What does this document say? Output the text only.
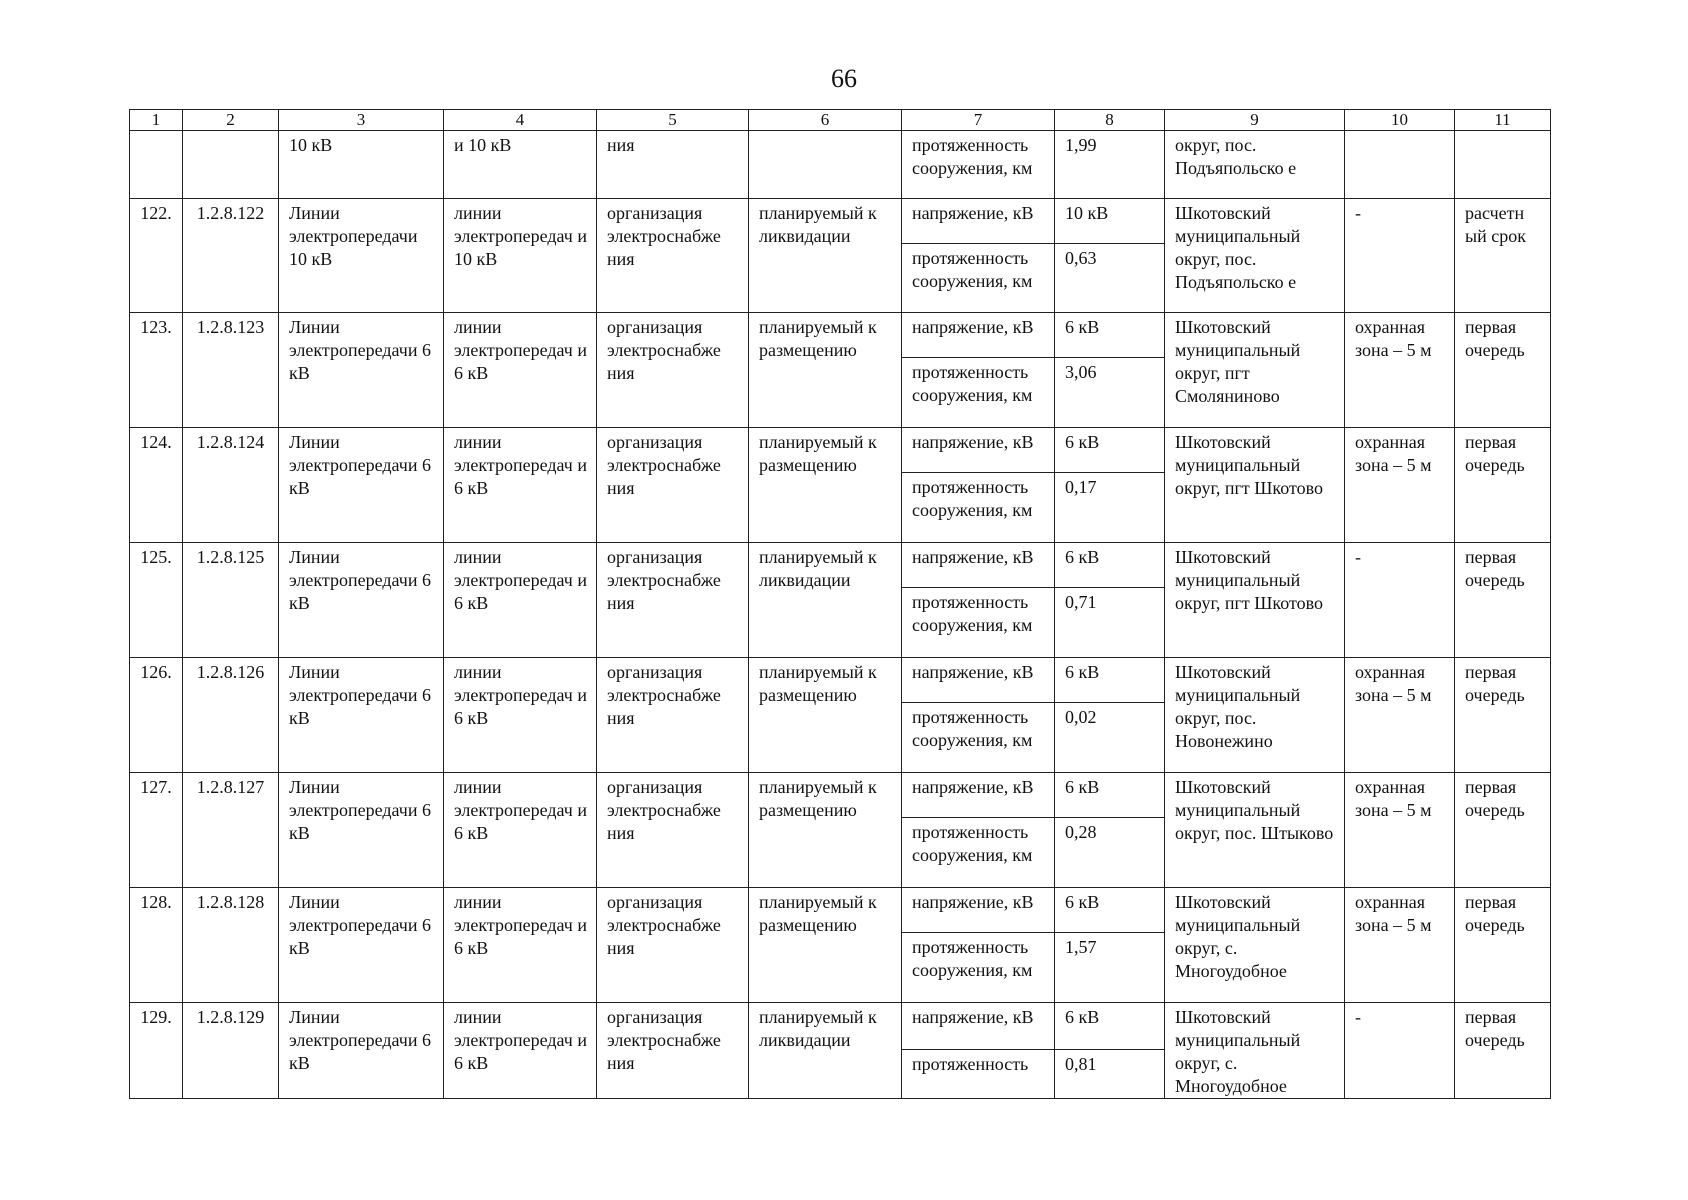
66
1	2	3	4	5	6	7	8	9	10	11
		10 кВ	и 10 кВ	ния		протяженность сооружения, км	1,99	округ, пос. Подъяпольско е		
122.	1.2.8.122	Линии электропередачи 10 кВ	линии электропередач и 10 кВ	организация электроснабже ния	планируемый к ликвидации	напряжение, кВ	10 кВ	Шкотовский муниципальный округ, пос. Подъяпольско е	-	расчетн ый срок
						протяженность сооружения, км	0,63			
123.	1.2.8.123	Линии электропередачи 6 кВ	линии электропередач и 6 кВ	организация электроснабже ния	планируемый к размещению	напряжение, кВ	6 кВ	Шкотовский муниципальный округ, пгт Смоляниново	охранная зона – 5 м	первая очередь
						протяженность сооружения, км	3,06			
124.	1.2.8.124	Линии электропередачи 6 кВ	линии электропередач и 6 кВ	организация электроснабже ния	планируемый к размещению	напряжение, кВ	6 кВ	Шкотовский муниципальный округ, пгт Шкотово	охранная зона – 5 м	первая очередь
						протяженность сооружения, км	0,17			
125.	1.2.8.125	Линии электропередачи 6 кВ	линии электропередач и 6 кВ	организация электроснабже ния	планируемый к ликвидации	напряжение, кВ	6 кВ	Шкотовский муниципальный округ, пгт Шкотово	-	первая очередь
						протяженность сооружения, км	0,71			
126.	1.2.8.126	Линии электропередачи 6 кВ	линии электропередач и 6 кВ	организация электроснабже ния	планируемый к размещению	напряжение, кВ	6 кВ	Шкотовский муниципальный округ, пос. Новонежино	охранная зона – 5 м	первая очередь
						протяженность сооружения, км	0,02			
127.	1.2.8.127	Линии электропередачи 6 кВ	линии электропередач и 6 кВ	организация электроснабже ния	планируемый к размещению	напряжение, кВ	6 кВ	Шкотовский муниципальный округ, пос. Штыково	охранная зона – 5 м	первая очередь
						протяженность сооружения, км	0,28			
128.	1.2.8.128	Линии электропередачи 6 кВ	линии электропередач и 6 кВ	организация электроснабже ния	планируемый к размещению	напряжение, кВ	6 кВ	Шкотовский муниципальный округ, с. Многоудобное	охранная зона – 5 м	первая очередь
						протяженность сооружения, км	1,57			
129.	1.2.8.129	Линии электропередачи 6 кВ	линии электропередач и 6 кВ	организация электроснабже ния	планируемый к ликвидации	напряжение, кВ	6 кВ	Шкотовский муниципальный округ, с. Многоудобное	-	первая очередь
						протяженность	0,81			
